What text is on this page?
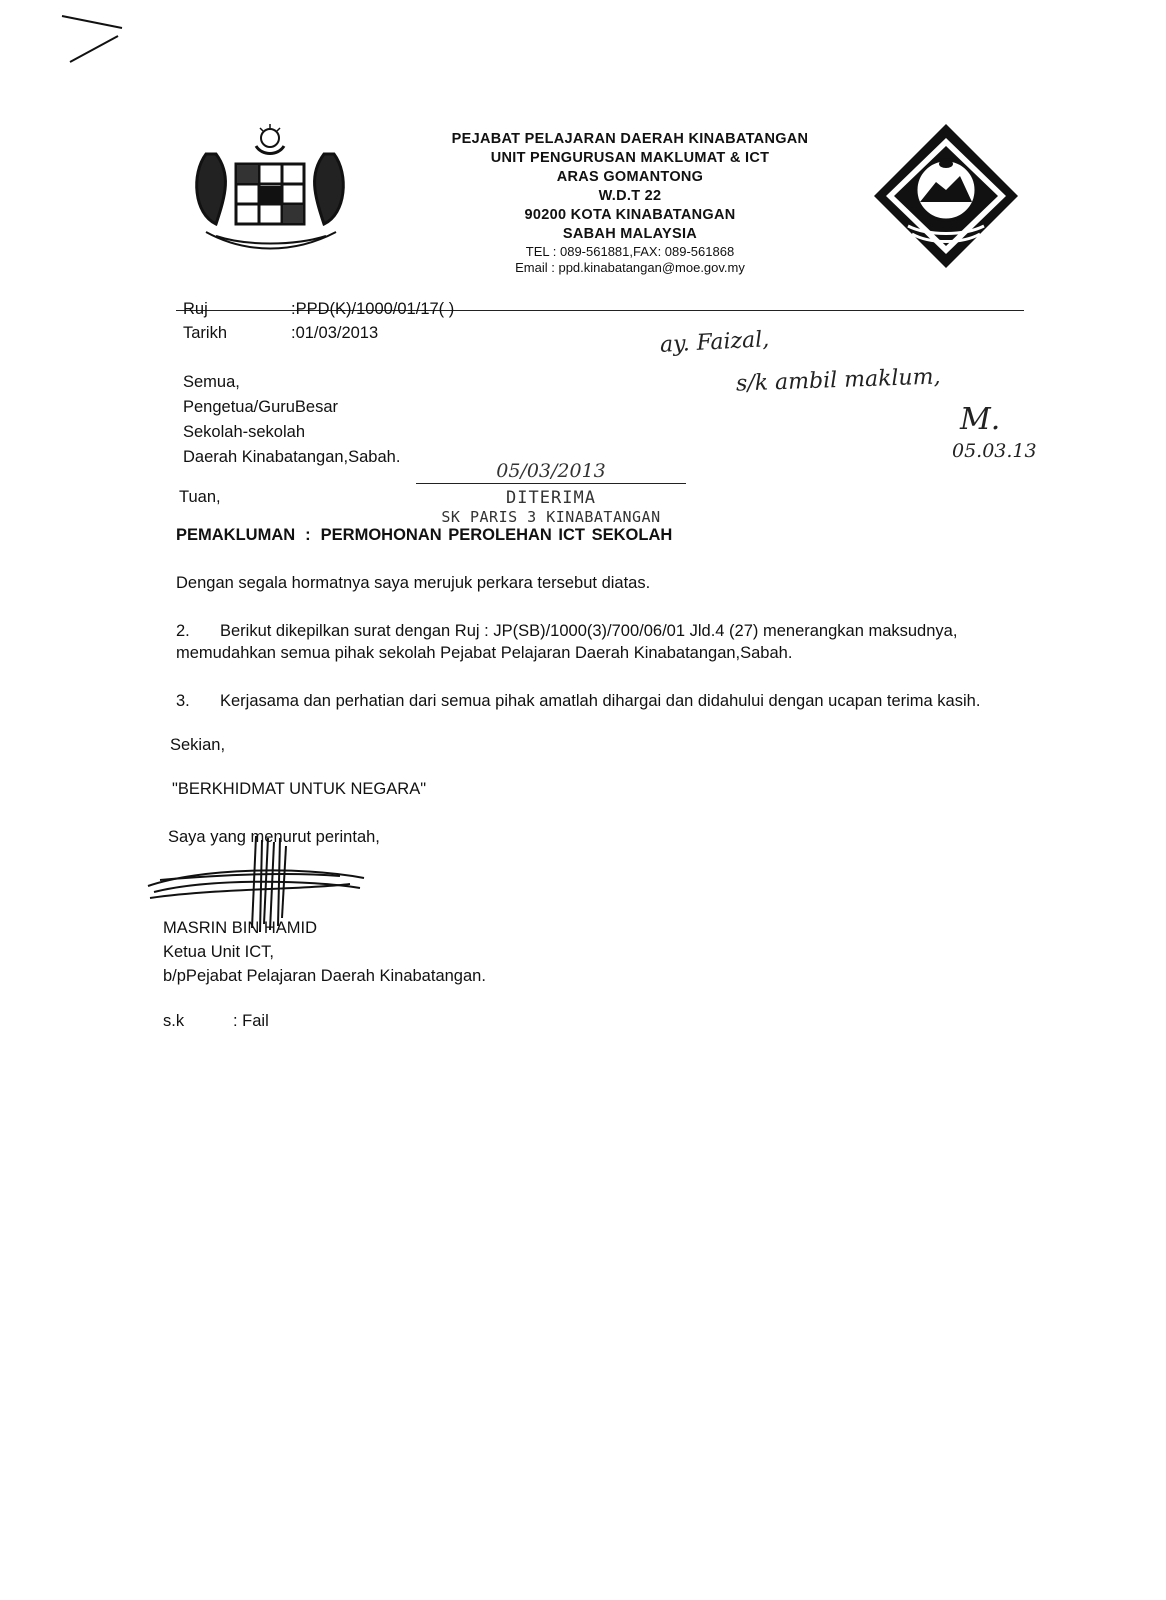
PEJABAT PELAJARAN DAERAH KINABATANGAN
UNIT PENGURUSAN MAKLUMAT & ICT
ARAS GOMANTONG
W.D.T 22
90200 KOTA KINABATANGAN
SABAH MALAYSIA
TEL : 089-561881,FAX: 089-561868
Email : ppd.kinabatangan@moe.gov.my
Ruj	:PPD(K)/1000/01/17( )
Tarikh	:01/03/2013	ay. Faizal,
s/k ambil maklum,
M.
05.03.13
Semua,
Pengetua/GuruBesar
Sekolah-sekolah
Daerah Kinabatangan,Sabah.
Tuan,
05/03/2013
DITERIMA
SK PARIS 3 KINABATANGAN
PEMAKLUMAN : PERMOHONAN PEROLEHAN ICT SEKOLAH
Dengan segala hormatnya saya merujuk perkara tersebut diatas.
2. Berikut dikepilkan surat dengan Ruj : JP(SB)/1000(3)/700/06/01 Jld.4 (27) menerangkan maksudnya, memudahkan semua pihak sekolah Pejabat Pelajaran Daerah Kinabatangan,Sabah.
3. Kerjasama dan perhatian dari semua pihak amatlah dihargai dan didahului dengan ucapan terima kasih.
Sekian,
"BERKHIDMAT UNTUK NEGARA"
Saya yang menurut perintah,
MASRIN BIN HAMID
Ketua Unit ICT,
b/pPejabat Pelajaran Daerah Kinabatangan.
s.k	: Fail
